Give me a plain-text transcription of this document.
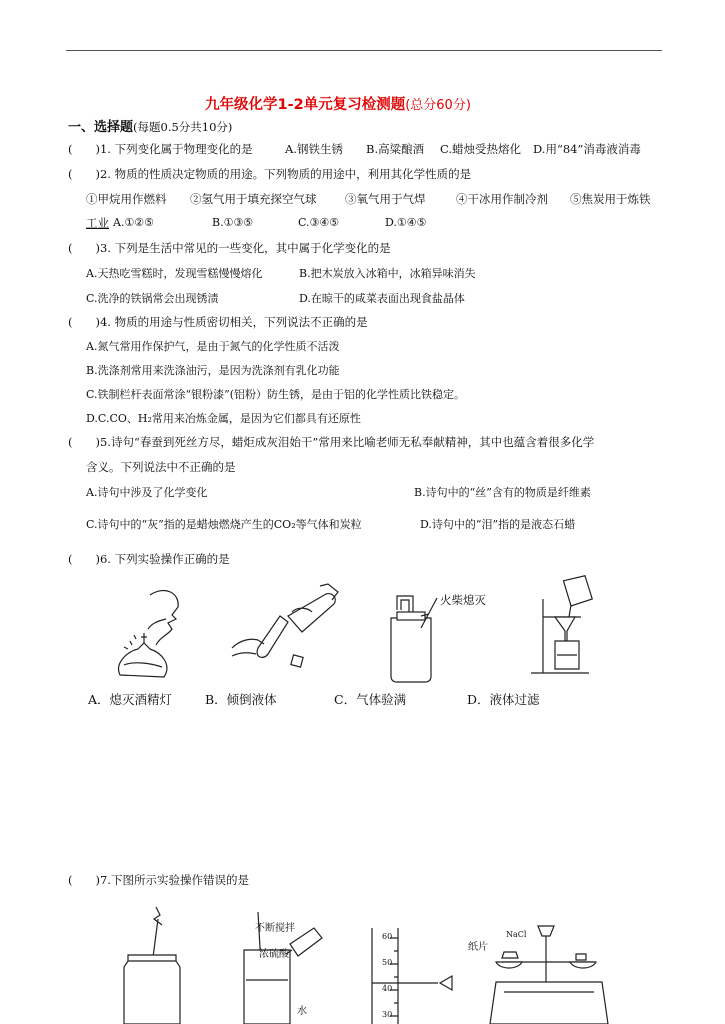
九年级化学1-2单元复习检测题(总分60分)
一、选择题(每题0.5分共10分)
(　　)1. 下列变化属于物理变化的是	A.钢铁生锈 B.高粱酿酒 C.蜡烛受热熔化 D.用“84”消毒液消毒
(　　)2. 物质的性质决定物质的用途。下列物质的用途中，利用其化学性质的是
①甲烷用作燃料 ②氢气用于填充探空气球 ③氧气用于气焊	④干冰用作制冷剂 ⑤焦炭用于炼铁
工业 A.①②⑤	B.①③⑤	C.③④⑤	D.①④⑤
(　　)3. 下列是生活中常见的一些变化，其中属于化学变化的是
A.天热吃雪糕时，发现雪糕慢慢熔化	B.把木炭放入冰箱中，冰箱异味消失
C.洗净的铁锅常会出现锈渍	D.在晾干的咸菜表面出现食盐晶体
(　　)4. 物质的用途与性质密切相关，下列说法不正确的是
A.氮气常用作保护气，是由于氮气的化学性质不活泼
B.洗涤剂常用来洗涤油污，是因为洗涤剂有乳化功能
C.铁制栏杆表面常涂“银粉漆”(铝粉）防生锈，是由于铝的化学性质比铁稳定。
D.C.CO、H₂常用来冶炼金属，是因为它们都具有还原性
(　　)5.诗句“春蚕到死丝方尽，蜡炬成灰泪始干”常用来比喻老师无私奉献精神，其中也蕴含着很多化学
含义。下列说法中不正确的是
A.诗句中涉及了化学变化	B.诗句中的“丝”含有的物质是纤维素
C.诗句中的“灰”指的是蜡烛燃烧产生的CO₂等气体和炭粒	D.诗句中的“泪”指的是液态石蜡
(　　)6. 下列实验操作正确的是
火柴熄灭
A．熄灭酒精灯	B．倾倒液体	C．气体验满	D．液体过滤
(　　)7.下图所示实验操作错误的是
不断搅拌
浓硫酸
水
60
50
40
30
纸片
NaCl
